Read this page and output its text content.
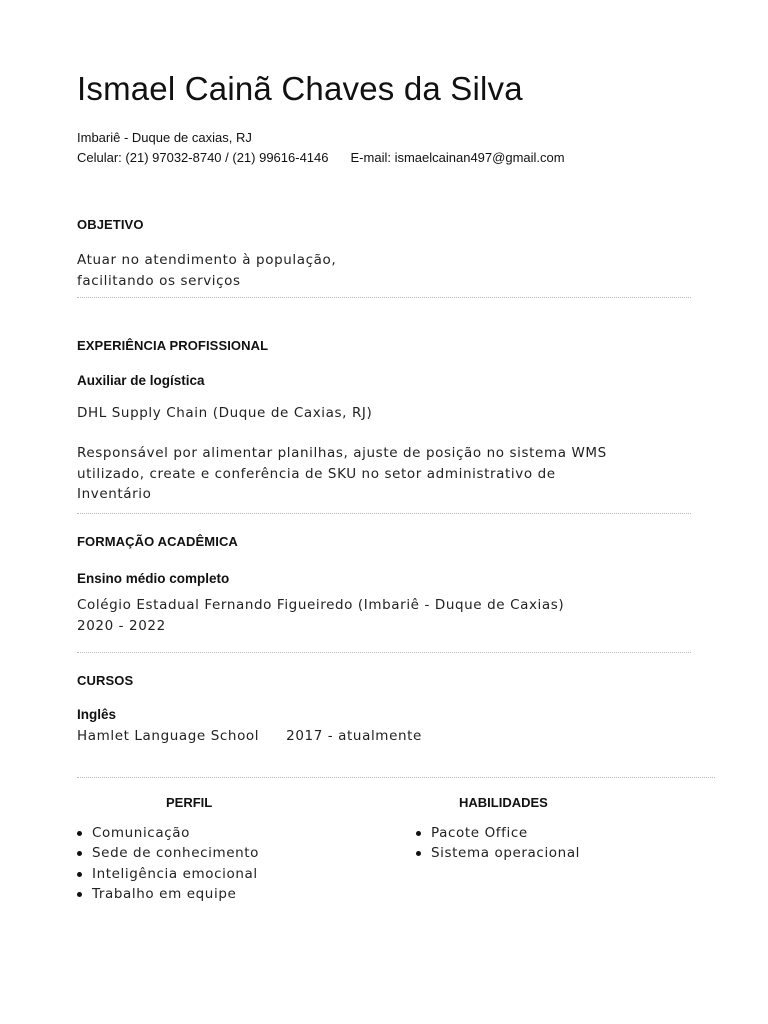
Ismael Cainã Chaves da Silva
Imbariê - Duque de caxias, RJ
Celular: (21) 97032-8740 / (21) 99616-4146 E-mail: ismaelcainan497@gmail.com
OBJETIVO
Atuar no atendimento à população,
facilitando os serviços
EXPERIÊNCIA PROFISSIONAL
Auxiliar de logística
DHL Supply Chain (Duque de Caxias, RJ)
Responsável por alimentar planilhas, ajuste de posição no sistema WMS
utilizado, create e conferência de SKU no setor administrativo de
Inventário
FORMAÇÃO ACADÊMICA
Ensino médio completo
Colégio Estadual Fernando Figueiredo (Imbariê - Duque de Caxias)
2020 - 2022
CURSOS
Inglês
Hamlet Language School 2017 - atualmente
PERFIL
Comunicação
Sede de conhecimento
Inteligência emocional
Trabalho em equipe
HABILIDADES
Pacote Office
Sistema operacional
